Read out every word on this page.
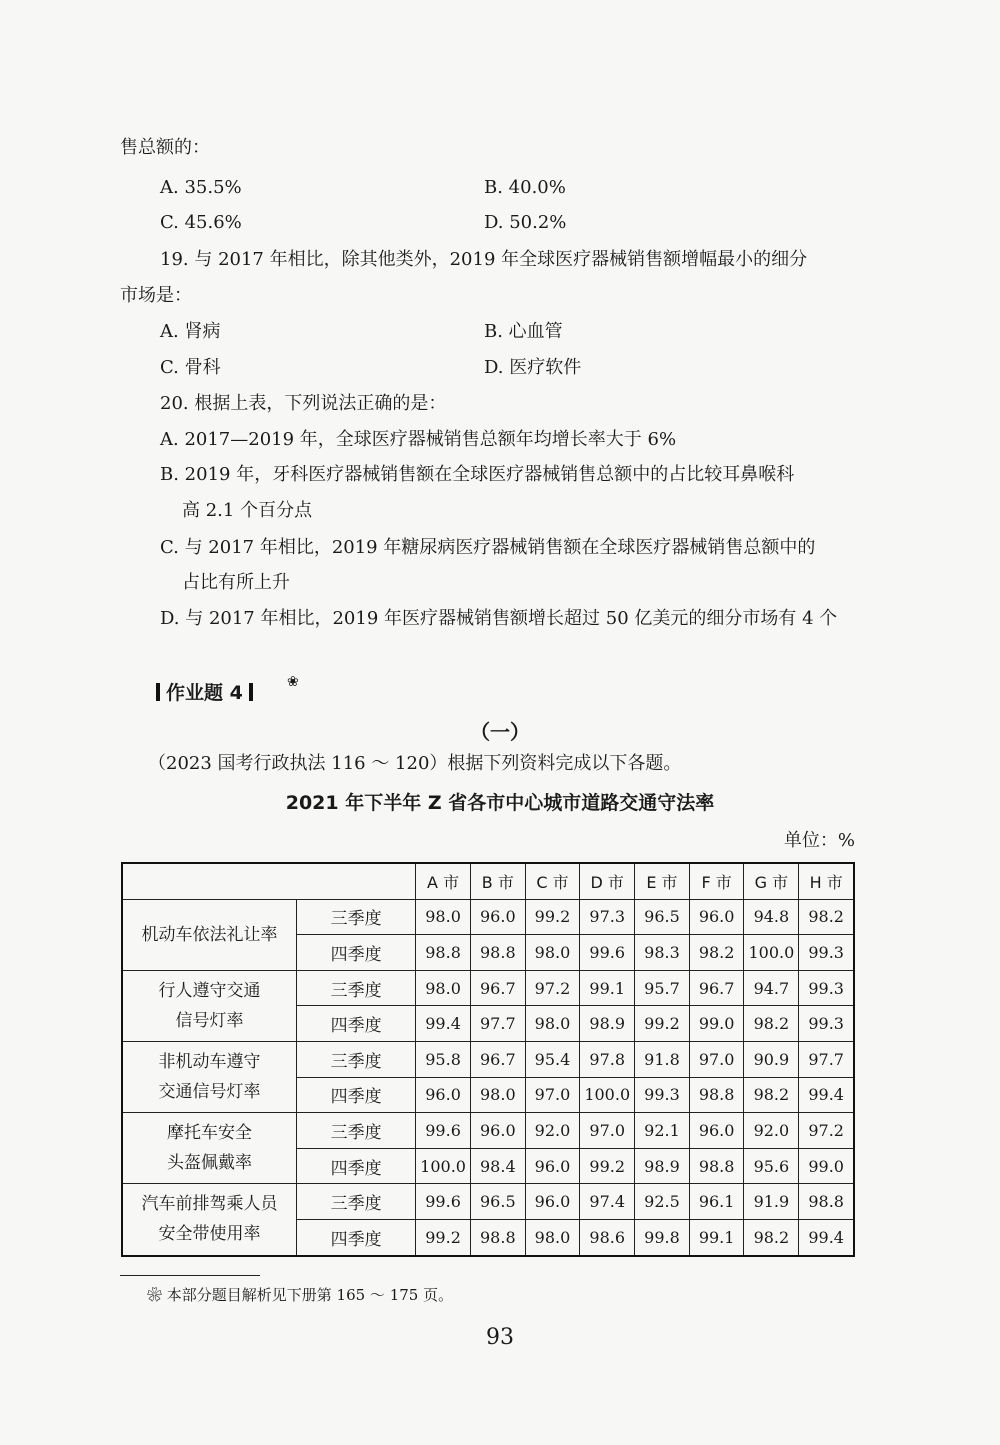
售总额的：
A. 35.5%	B. 40.0%
C. 45.6%	D. 50.2%
19. 与 2017 年相比，除其他类外，2019 年全球医疗器械销售额增幅最小的细分
市场是：
A. 肾病	B. 心血管
C. 骨科	D. 医疗软件
20. 根据上表，下列说法正确的是：
A. 2017—2019 年，全球医疗器械销售总额年均增长率大于 6%
B. 2019 年，牙科医疗器械销售额在全球医疗器械销售总额中的占比较耳鼻喉科
高 2.1 个百分点
C. 与 2017 年相比，2019 年糖尿病医疗器械销售额在全球医疗器械销售总额中的
占比有所上升
D. 与 2017 年相比，2019 年医疗器械销售额增长超过 50 亿美元的细分市场有 4 个
作业题 4	❀
（一）
（2023 国考行政执法 116 ～ 120）根据下列资料完成以下各题。
2021 年下半年 Z 省各市中心城市道路交通守法率
单位：%
		A 市	B 市	C 市	D 市	E 市	F 市	G 市	H 市

机动车依法礼让率	三季度	98.0	96.0	99.2	97.3	96.5	96.0	94.8	98.2
	四季度	98.8	98.8	98.0	99.6	98.3	98.2	100.0	99.3

行人遵守交通
信号灯率	三季度	98.0	96.7	97.2	99.1	95.7	96.7	94.7	99.3
	四季度	99.4	97.7	98.0	98.9	99.2	99.0	98.2	99.3

非机动车遵守
交通信号灯率	三季度	95.8	96.7	95.4	97.8	91.8	97.0	90.9	97.7
	四季度	96.0	98.0	97.0	100.0	99.3	98.8	98.2	99.4

摩托车安全
头盔佩戴率	三季度	99.6	96.0	92.0	97.0	92.1	96.0	92.0	97.2
	四季度	100.0	98.4	96.0	99.2	98.9	98.8	95.6	99.0

汽车前排驾乘人员
安全带使用率	三季度	99.6	96.5	96.0	97.4	92.5	96.1	91.9	98.8
	四季度	99.2	98.8	98.0	98.6	99.8	99.1	98.2	99.4
❀ 本部分题目解析见下册第 165 ～ 175 页。
93
